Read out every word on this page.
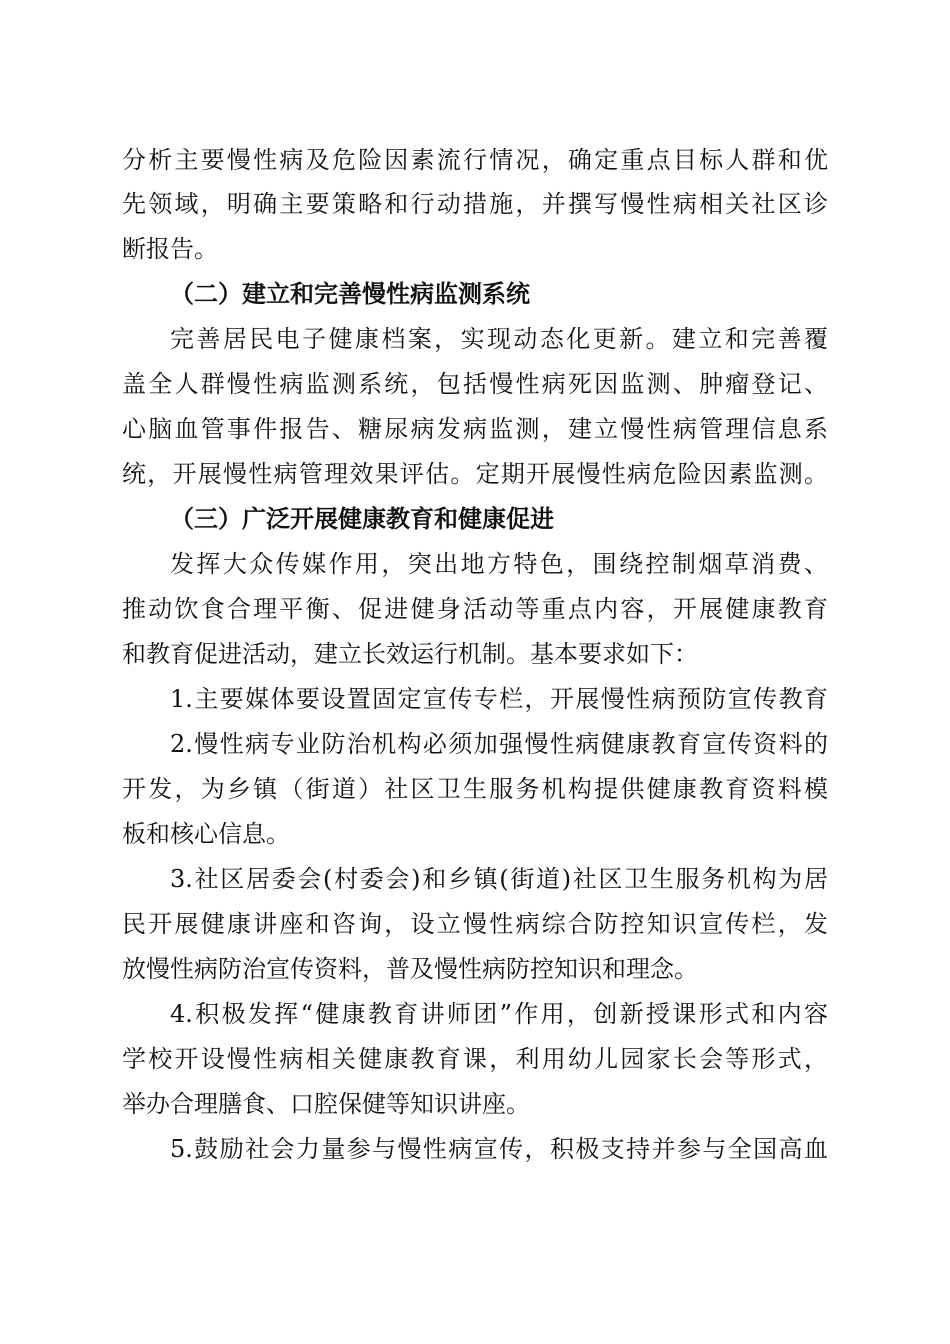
分析主要慢性病及危险因素流行情况，确定重点目标人群和优
先领域，明确主要策略和行动措施，并撰写慢性病相关社区诊
断报告。
（二）建立和完善慢性病监测系统
完善居民电子健康档案，实现动态化更新。建立和完善覆
盖全人群慢性病监测系统，包括慢性病死因监测、肿瘤登记、
心脑血管事件报告、糖尿病发病监测，建立慢性病管理信息系
统，开展慢性病管理效果评估。定期开展慢性病危险因素监测。
（三）广泛开展健康教育和健康促进
发挥大众传媒作用，突出地方特色，围绕控制烟草消费、
推动饮食合理平衡、促进健身活动等重点内容，开展健康教育
和教育促进活动，建立长效运行机制。基本要求如下：
1.主要媒体要设置固定宣传专栏，开展慢性病预防宣传教育
2.慢性病专业防治机构必须加强慢性病健康教育宣传资料的
开发，为乡镇（街道）社区卫生服务机构提供健康教育资料模
板和核心信息。
3.社区居委会(村委会)和乡镇(街道)社区卫生服务机构为居
民开展健康讲座和咨询，设立慢性病综合防控知识宣传栏，发
放慢性病防治宣传资料，普及慢性病防控知识和理念。
4.积极发挥“健康教育讲师团”作用，创新授课形式和内容
学校开设慢性病相关健康教育课，利用幼儿园家长会等形式，
举办合理膳食、口腔保健等知识讲座。
5.鼓励社会力量参与慢性病宣传，积极支持并参与全国高血
